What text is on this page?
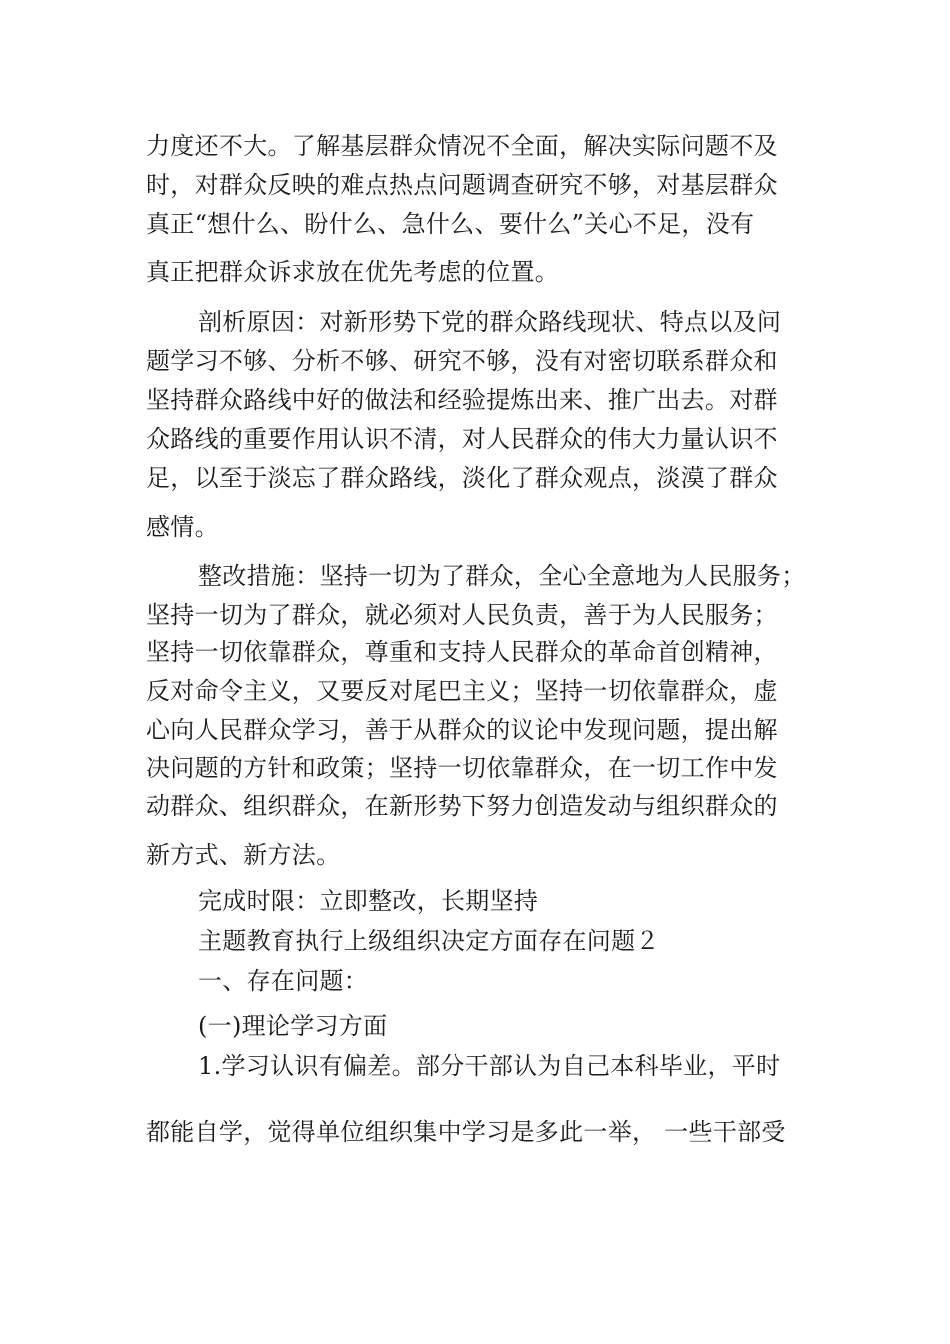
力度还不大。了解基层群众情况不全面，解决实际问题不及
时，对群众反映的难点热点问题调查研究不够，对基层群众
真正“想什么、盼什么、急什么、要什么”关心不足，没有
真正把群众诉求放在优先考虑的位置。
剖析原因：对新形势下党的群众路线现状、特点以及问
题学习不够、分析不够、研究不够，没有对密切联系群众和
坚持群众路线中好的做法和经验提炼出来、推广出去。对群
众路线的重要作用认识不清，对人民群众的伟大力量认识不
足，以至于淡忘了群众路线，淡化了群众观点，淡漠了群众
感情。
整改措施：坚持一切为了群众，全心全意地为人民服务；
坚持一切为了群众，就必须对人民负责，善于为人民服务；
坚持一切依靠群众，尊重和支持人民群众的革命首创精神，
反对命令主义，又要反对尾巴主义；坚持一切依靠群众，虚
心向人民群众学习，善于从群众的议论中发现问题，提出解
决问题的方针和政策；坚持一切依靠群众，在一切工作中发
动群众、组织群众，在新形势下努力创造发动与组织群众的
新方式、新方法。
完成时限：立即整改，长期坚持
主题教育执行上级组织决定方面存在问题２
一、存在问题：
(一)理论学习方面
1.学习认识有偏差。部分干部认为自己本科毕业，平时
都能自学，觉得单位组织集中学习是多此一举， 一些干部受
